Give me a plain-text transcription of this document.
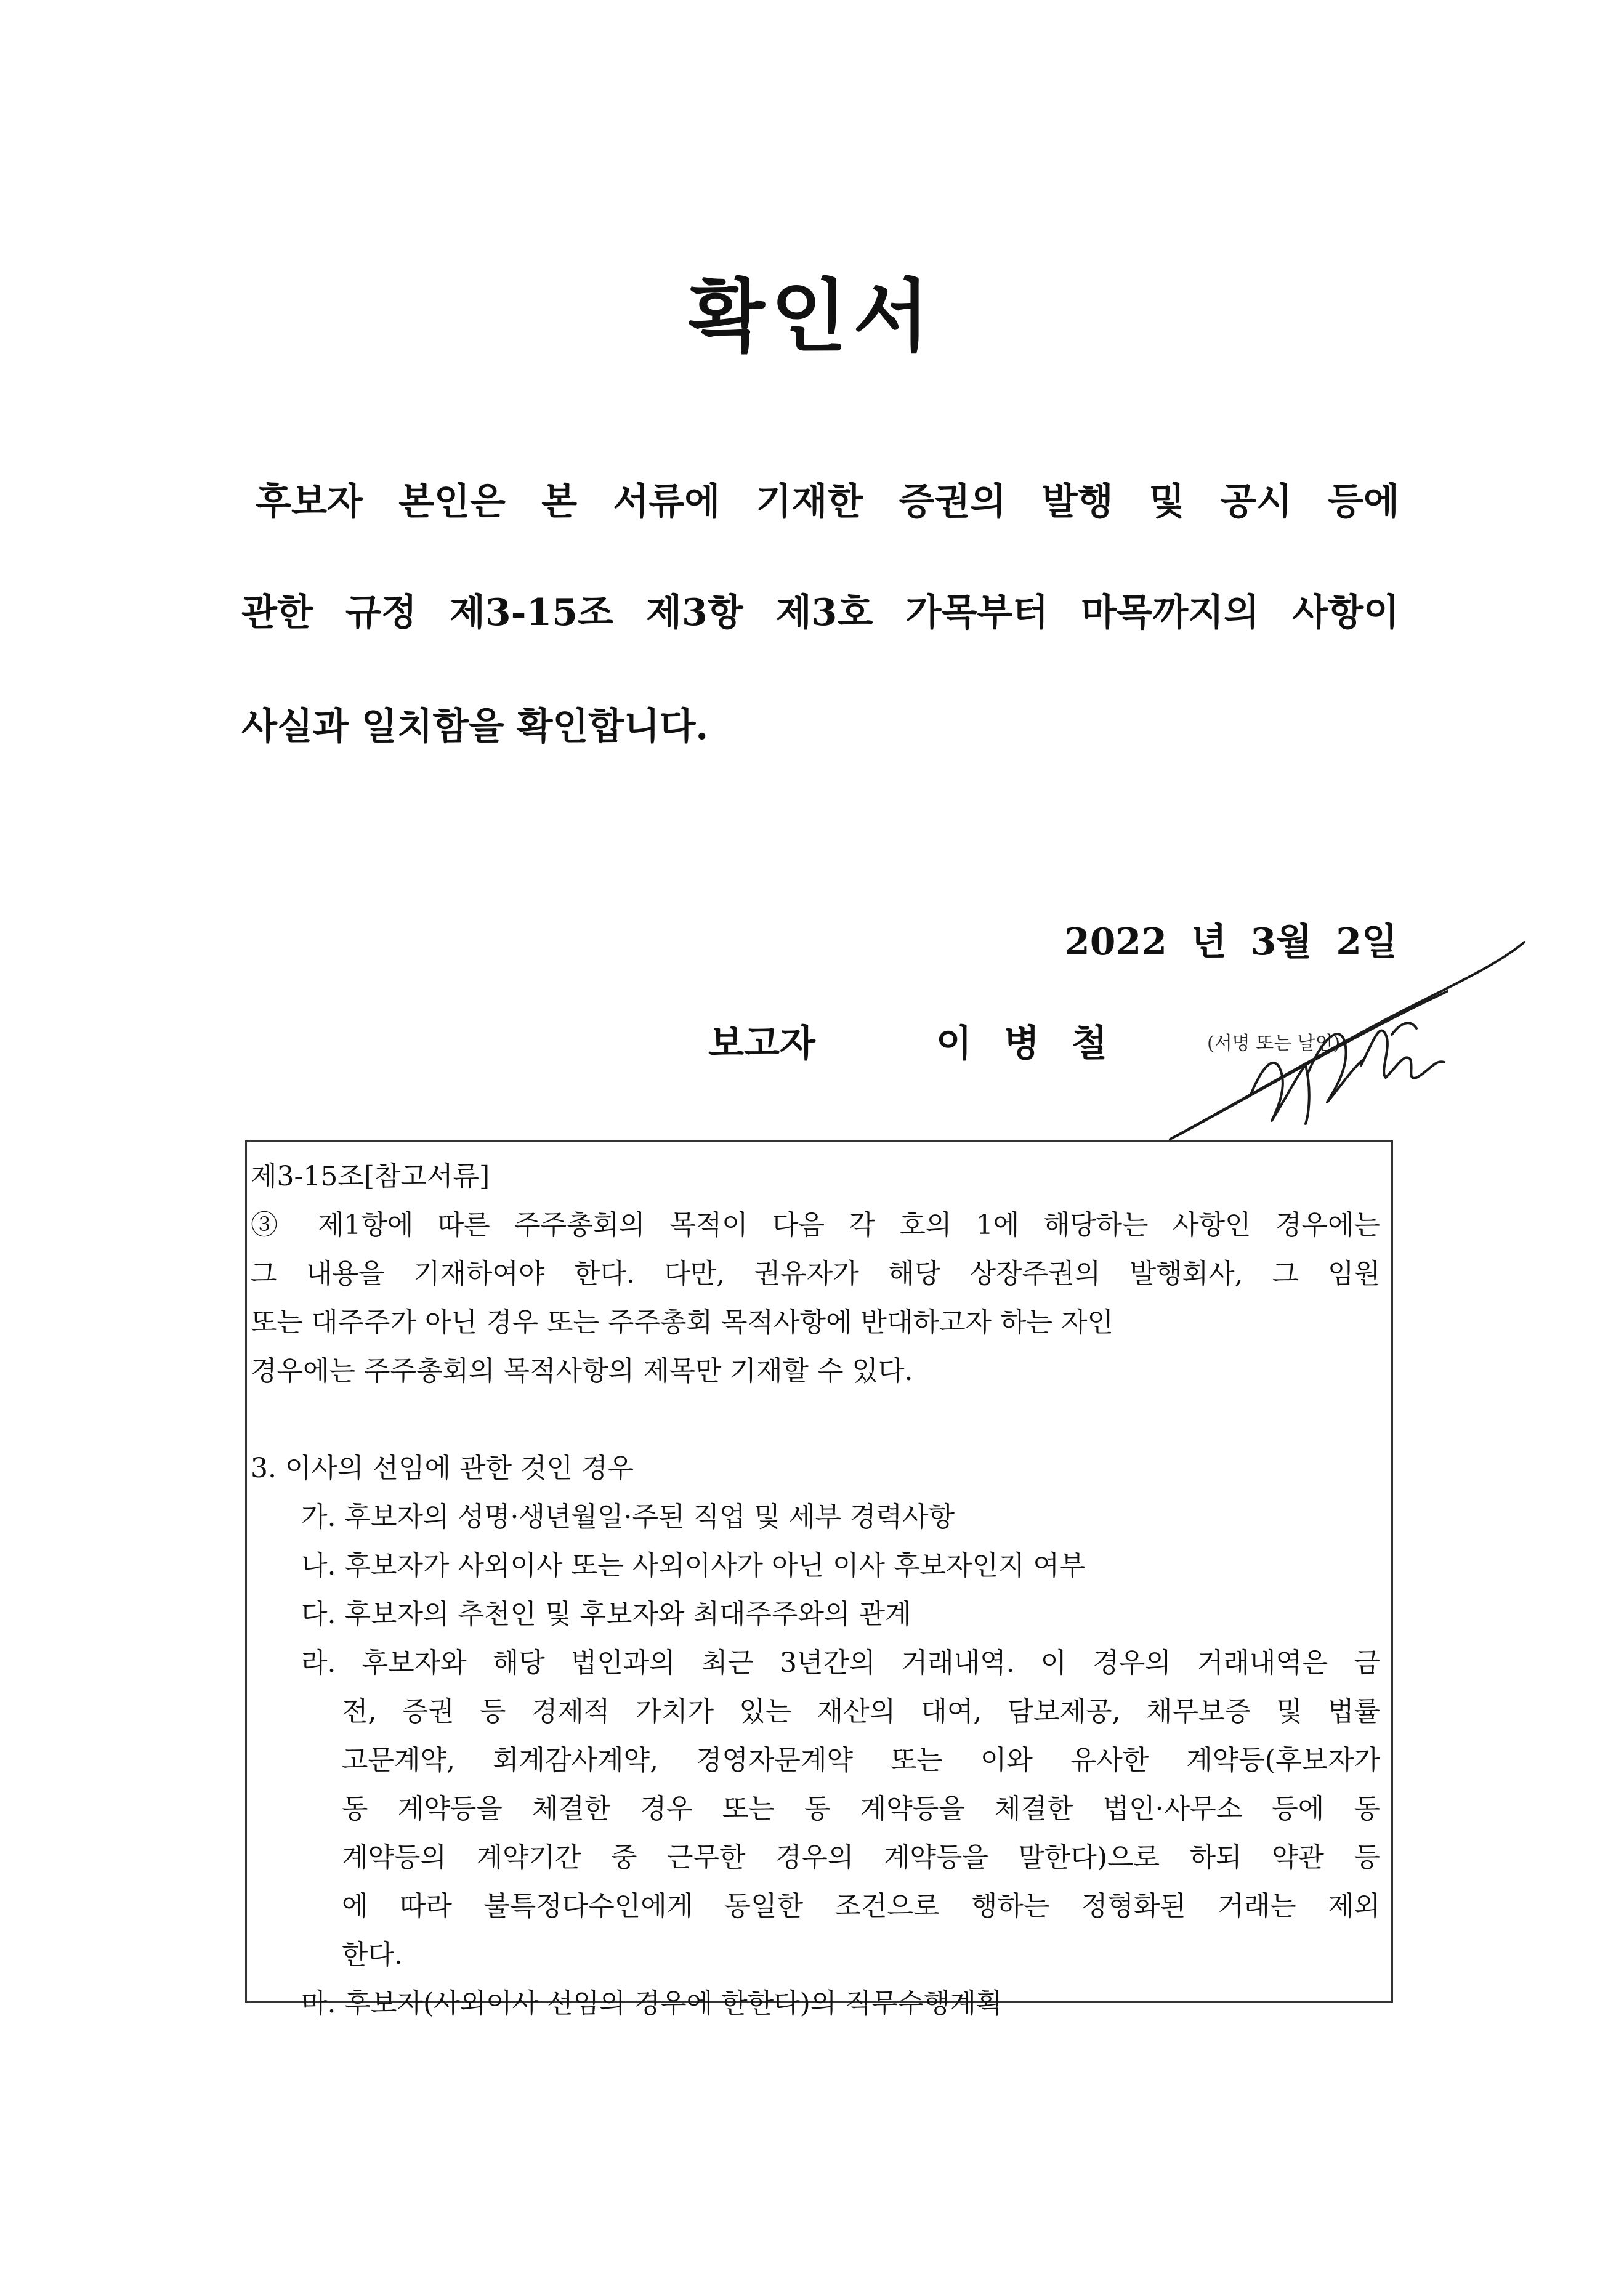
확인서
후보자 본인은 본 서류에 기재한 증권의 발행 및 공시 등에
관한 규정 제3-15조 제3항 제3호 가목부터 마목까지의 사항이
사실과 일치함을 확인합니다.
2022 년 3월 2일
보고자	이병철	(서명 또는 날인)
제3-15조[참고서류]
③ 제1항에 따른 주주총회의 목적이 다음 각 호의 1에 해당하는 사항인 경우에는
그 내용을 기재하여야 한다. 다만, 권유자가 해당 상장주권의 발행회사, 그 임원
또는 대주주가 아닌 경우 또는 주주총회 목적사항에 반대하고자 하는 자인
경우에는 주주총회의 목적사항의 제목만 기재할 수 있다.
3. 이사의 선임에 관한 것인 경우
가. 후보자의 성명·생년월일·주된 직업 및 세부 경력사항
나. 후보자가 사외이사 또는 사외이사가 아닌 이사 후보자인지 여부
다. 후보자의 추천인 및 후보자와 최대주주와의 관계
라. 후보자와 해당 법인과의 최근 3년간의 거래내역. 이 경우의 거래내역은 금
전, 증권 등 경제적 가치가 있는 재산의 대여, 담보제공, 채무보증 및 법률
고문계약, 회계감사계약, 경영자문계약 또는 이와 유사한 계약등(후보자가
동 계약등을 체결한 경우 또는 동 계약등을 체결한 법인·사무소 등에 동
계약등의 계약기간 중 근무한 경우의 계약등을 말한다)으로 하되 약관 등
에 따라 불특정다수인에게 동일한 조건으로 행하는 정형화된 거래는 제외
한다.
마. 후보자(사외이사 선임의 경우에 한한다)의 직무수행계획
